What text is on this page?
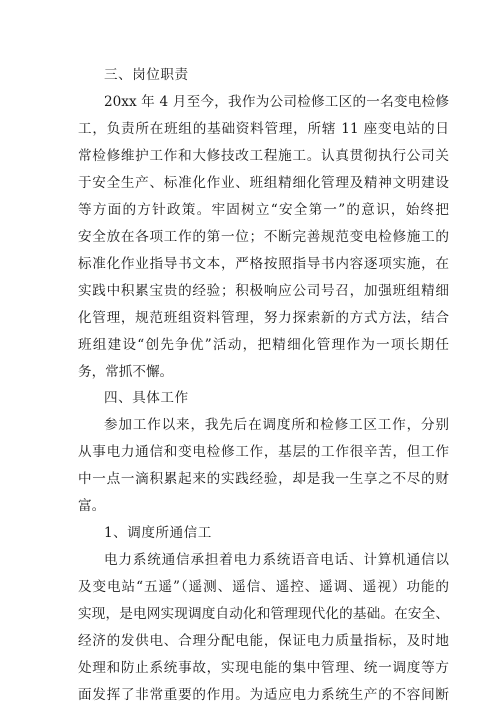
三、岗位职责
20xx 年 4 月至今，我作为公司检修工区的一名变电检修
工，负责所在班组的基础资料管理，所辖 11 座变电站的日
常检修维护工作和大修技改工程施工。认真贯彻执行公司关
于安全生产、标准化作业、班组精细化管理及精神文明建设
等方面的方针政策。牢固树立“安全第一”的意识，始终把
安全放在各项工作的第一位；不断完善规范变电检修施工的
标准化作业指导书文本，严格按照指导书内容逐项实施，在
实践中积累宝贵的经验；积极响应公司号召，加强班组精细
化管理，规范班组资料管理，努力探索新的方式方法，结合
班组建设“创先争优”活动，把精细化管理作为一项长期任
务，常抓不懈。
四、具体工作
参加工作以来，我先后在调度所和检修工区工作，分别
从事电力通信和变电检修工作，基层的工作很辛苦，但工作
中一点一滴积累起来的实践经验，却是我一生享之不尽的财
富。
1、调度所通信工
电力系统通信承担着电力系统语音电话、计算机通信以
及变电站“五遥”（遥测、遥信、遥控、遥调、遥视）功能的
实现，是电网实现调度自动化和管理现代化的基础。在安全、
经济的发供电、合理分配电能，保证电力质量指标，及时地
处理和防止系统事故，实现电能的集中管理、统一调度等方
面发挥了非常重要的作用。为适应电力系统生产的不容间断
